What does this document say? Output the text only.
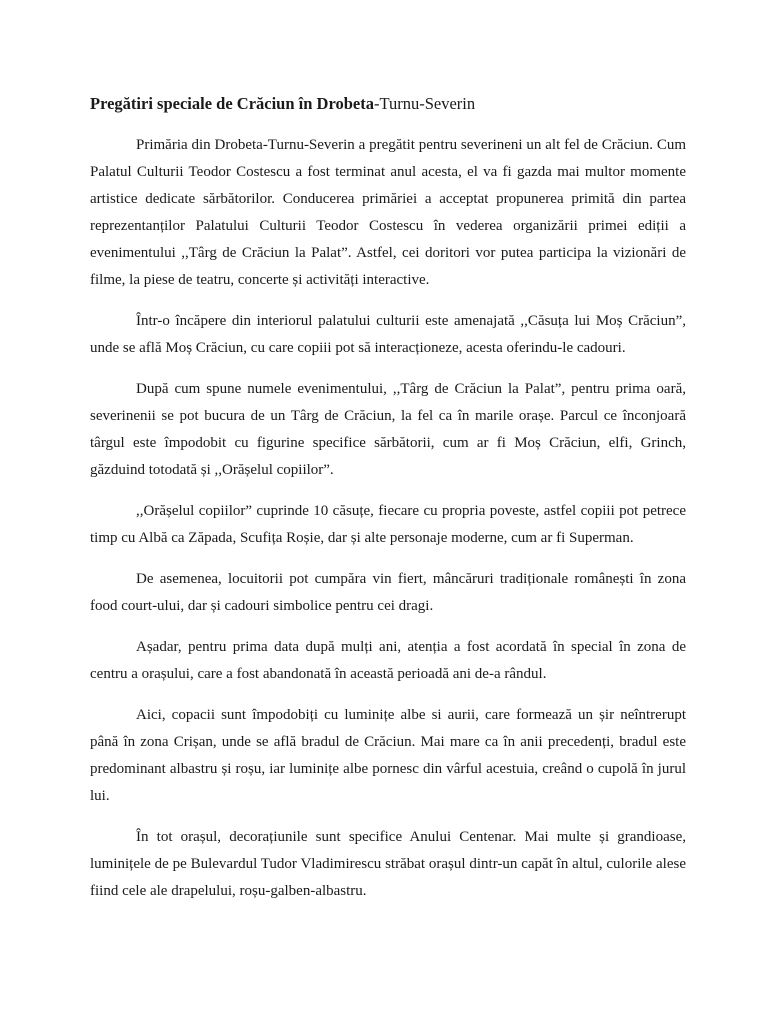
Pregătiri speciale de Crăciun în Drobeta-Turnu-Severin

Primăria din Drobeta-Turnu-Severin a pregătit pentru severineni un alt fel de Crăciun. Cum Palatul Culturii Teodor Costescu a fost terminat anul acesta, el va fi gazda mai multor momente artistice dedicate sărbătorilor. Conducerea primăriei a acceptat propunerea primită din partea reprezentanților Palatului Culturii Teodor Costescu în vederea organizării primei ediții a evenimentului ,,Târg de Crăciun la Palat”. Astfel, cei doritori vor putea participa la vizionări de filme, la piese de teatru, concerte și activități interactive.

Într-o încăpere din interiorul palatului culturii este amenajată ,,Căsuța lui Moș Crăciun”, unde se află Moș Crăciun, cu care copiii pot să interacționeze, acesta oferindu-le cadouri.

După cum spune numele evenimentului, ,,Târg de Crăciun la Palat”, pentru prima oară, severinenii se pot bucura de un Târg de Crăciun, la fel ca în marile orașe. Parcul ce înconjoară târgul este împodobit cu figurine specifice sărbătorii, cum ar fi Moș Crăciun, elfi, Grinch, găzduind totodată și ,,Orășelul copiilor”.

,,Orășelul copiilor” cuprinde 10 căsuțe, fiecare cu propria poveste, astfel copiii pot petrece timp cu Albă ca Zăpada, Scufița Roșie, dar și alte personaje moderne, cum ar fi Superman.

De asemenea, locuitorii pot cumpăra vin fiert, mâncăruri tradiționale românești în zona food court-ului, dar și cadouri simbolice pentru cei dragi.

Așadar, pentru prima data după mulți ani, atenția a fost acordată în special în zona de centru a orașului, care a fost abandonată în această perioadă ani de-a rândul.

Aici, copacii sunt împodobiți cu luminițe albe si aurii, care formează un șir neîntrerupt până în zona Crișan, unde se află bradul de Crăciun. Mai mare ca în anii precedenți, bradul este predominant albastru și roșu, iar luminițe albe pornesc din vârful acestuia, creând o cupolă în jurul lui.

În tot orașul, decorațiunile sunt specifice Anului Centenar. Mai multe și grandioase, luminițele de pe Bulevardul Tudor Vladimirescu străbat orașul dintr-un capăt în altul, culorile alese fiind cele ale drapelului, roșu-galben-albastru.
